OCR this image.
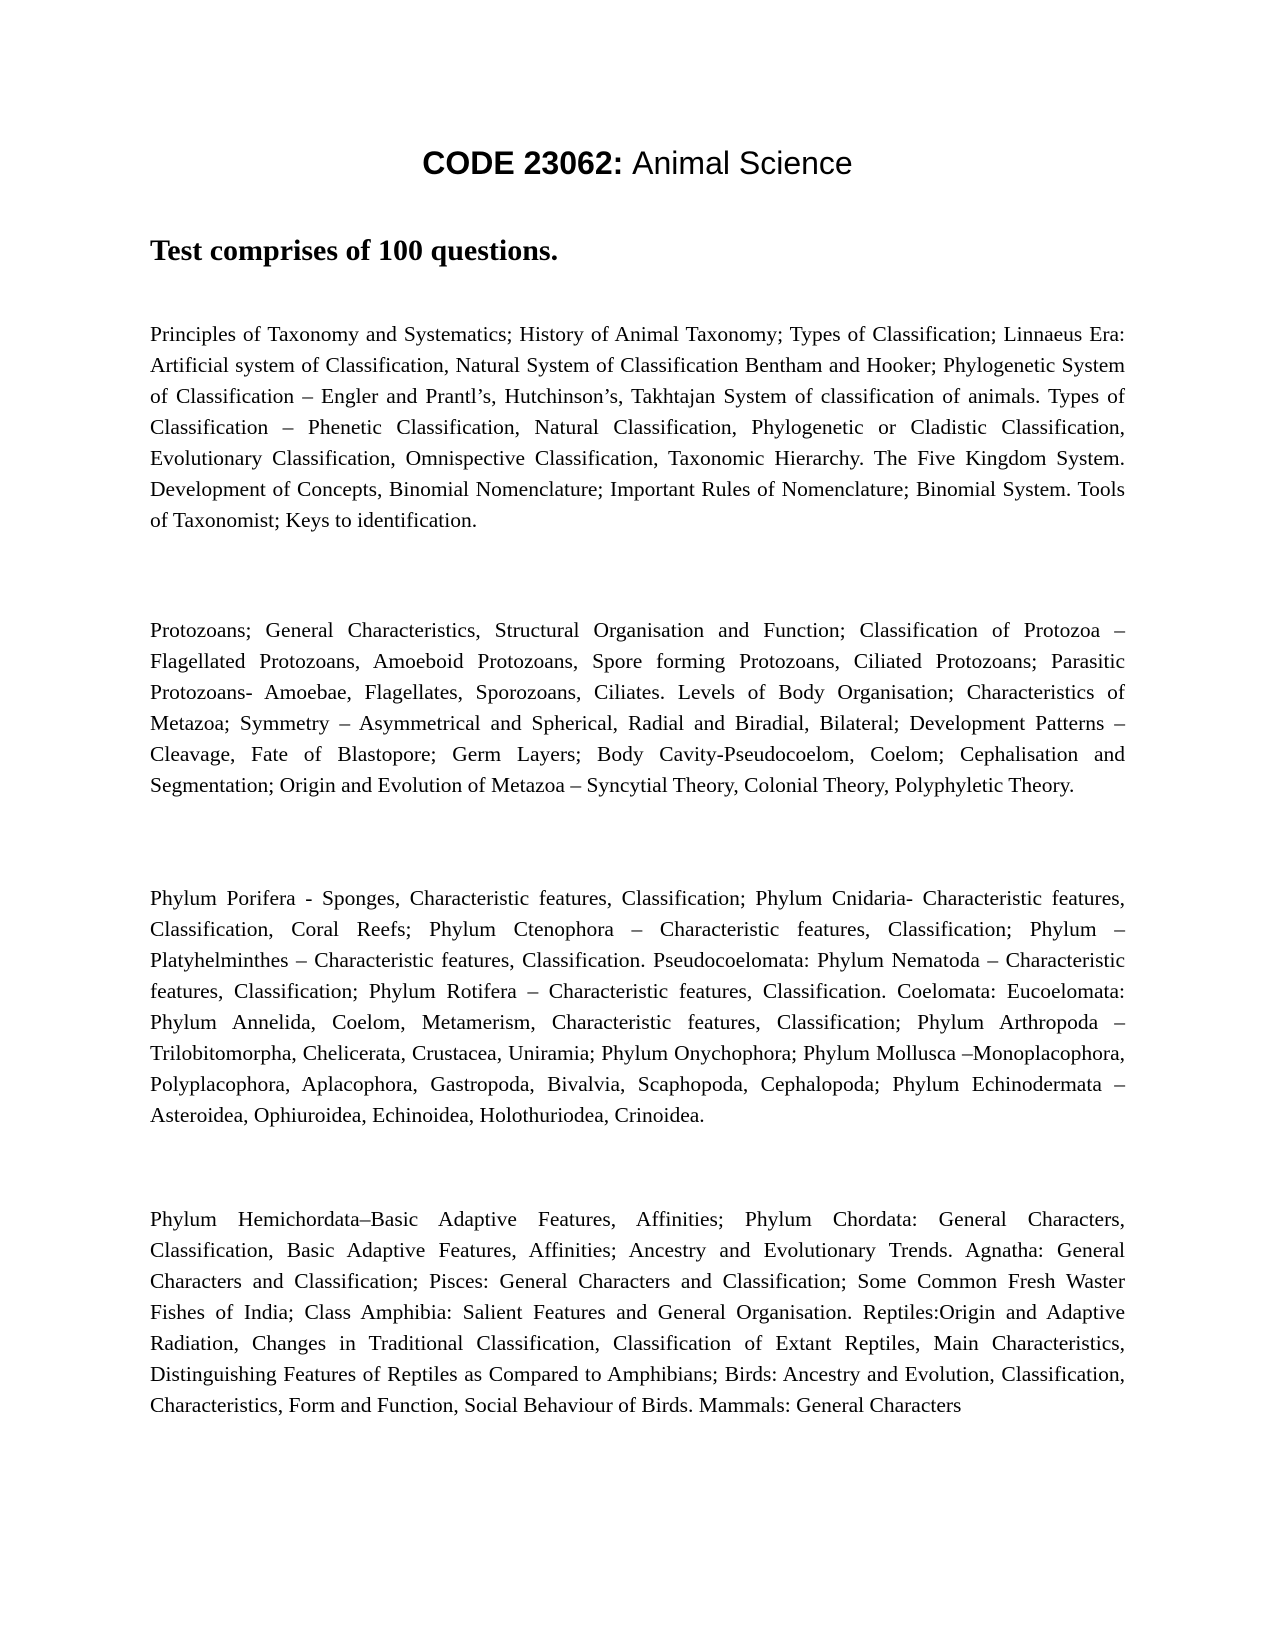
CODE 23062: Animal Science
Test comprises of 100 questions.

Principles of Taxonomy and Systematics; History of Animal Taxonomy; Types of Classification; Linnaeus Era: Artificial system of Classification, Natural System of Classification Bentham and Hooker; Phylogenetic System of Classification – Engler and Prantl’s, Hutchinson’s, Takhtajan System of classification of animals. Types of Classification – Phenetic Classification, Natural Classification, Phylogenetic or Cladistic Classification, Evolutionary Classification, Omnispective Classification, Taxonomic Hierarchy. The Five Kingdom System. Development of Concepts, Binomial Nomenclature; Important Rules of Nomenclature; Binomial System. Tools of Taxonomist; Keys to identification.

Protozoans; General Characteristics, Structural Organisation and Function; Classification of Protozoa – Flagellated Protozoans, Amoeboid Protozoans, Spore forming Protozoans, Ciliated Protozoans; Parasitic Protozoans- Amoebae, Flagellates, Sporozoans, Ciliates. Levels of Body Organisation; Characteristics of Metazoa; Symmetry – Asymmetrical and Spherical, Radial and Biradial, Bilateral; Development Patterns – Cleavage, Fate of Blastopore; Germ Layers; Body Cavity-Pseudocoelom, Coelom; Cephalisation and Segmentation; Origin and Evolution of Metazoa – Syncytial Theory, Colonial Theory, Polyphyletic Theory.

Phylum Porifera - Sponges, Characteristic features, Classification; Phylum Cnidaria- Characteristic features, Classification, Coral Reefs; Phylum Ctenophora – Characteristic features, Classification; Phylum – Platyhelminthes – Characteristic features, Classification. Pseudocoelomata: Phylum Nematoda – Characteristic features, Classification; Phylum Rotifera – Characteristic features, Classification. Coelomata: Eucoelomata: Phylum Annelida, Coelom, Metamerism, Characteristic features, Classification; Phylum Arthropoda –Trilobitomorpha, Chelicerata, Crustacea, Uniramia; Phylum Onychophora; Phylum Mollusca –Monoplacophora, Polyplacophora, Aplacophora, Gastropoda, Bivalvia, Scaphopoda, Cephalopoda; Phylum Echinodermata – Asteroidea, Ophiuroidea, Echinoidea, Holothuriodea, Crinoidea.

Phylum Hemichordata–Basic Adaptive Features, Affinities; Phylum Chordata: General Characters, Classification, Basic Adaptive Features, Affinities; Ancestry and Evolutionary Trends. Agnatha: General Characters and Classification; Pisces: General Characters and Classification; Some Common Fresh Waster Fishes of India; Class Amphibia: Salient Features and General Organisation. Reptiles:Origin and Adaptive Radiation, Changes in Traditional Classification, Classification of Extant Reptiles, Main Characteristics, Distinguishing Features of Reptiles as Compared to Amphibians; Birds: Ancestry and Evolution, Classification, Characteristics, Form and Function, Social Behaviour of Birds. Mammals: General Characters
